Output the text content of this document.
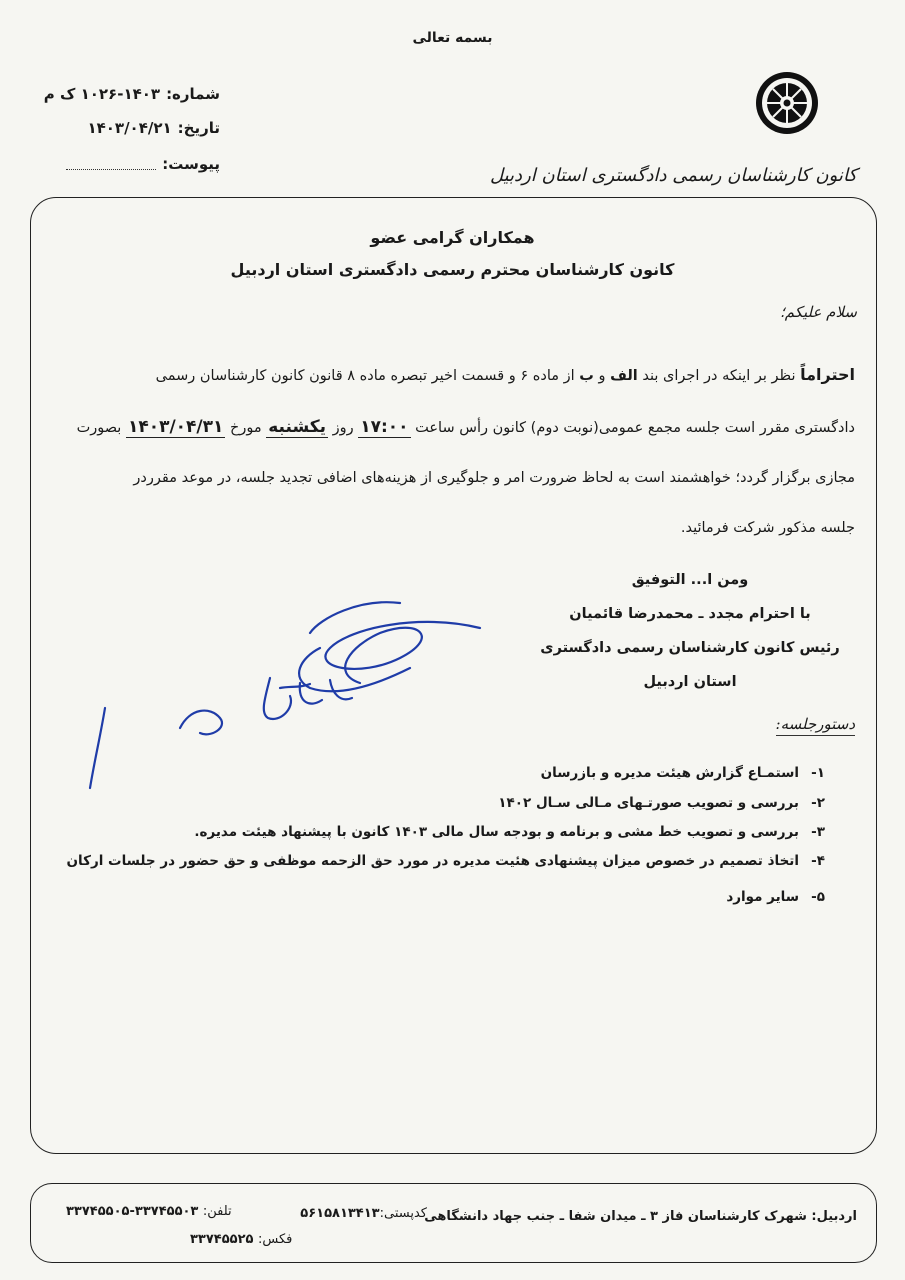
بسمه تعالی
شماره:۱۴۰۳-۱۰۲۶ ک م
تاریخ:۱۴۰۳/۰۴/۲۱
پیوست:
کانون کارشناسان رسمی دادگستری استان اردبیل
همکاران گرامی عضو
کانون کارشناسان محترم رسمی دادگستری استان اردبیل
سلام علیکم؛
احتراماً نظر بر اینکه در اجرای بند الف و ب از ماده ۶ و قسمت اخیر تبصره ماده ۸ قانون کانون کارشناسان رسمی
دادگستری مقرر است جلسه مجمع عمومی(نوبت دوم) کانون رأس ساعت ۱۷:۰۰ روز یکشنبه مورخ ۱۴۰۳/۰۴/۳۱ بصورت
مجازی برگزار گردد؛ خواهشمند است به لحاظ ضرورت امر و جلوگیری از هزینه‌های اضافی تجدید جلسه، در موعد مقرردر
جلسه مذکور شرکت فرمائید.
ومن ا... التوفیق
با احترام مجدد ـ محمدرضا قائمیان
رئیس کانون کارشناسان رسمی دادگستری
استان اردبیل
دستورجلسه:
۱-استمـاع گزارش هیئت مدیره و بازرسان
۲-بررسی و تصویب صورتـهای مـالی سـال ۱۴۰۲
۳-بررسی و تصویب خط مشی و برنامه و بودجه سال مالی ۱۴۰۳ کانون با پیشنهاد هیئت مدیره.
۴-اتخاذ تصمیم در خصوص میزان پیشنهادی هئیت مدیره در مورد حق الزحمه موظفی و حق حضور در جلسات ارکان
۵-سایر موارد
اردبیل: شهرک کارشناسان فاز ۳ ـ میدان شفا ـ جنب جهاد دانشگاهی
کدپستی:۵۶۱۵۸۱۳۴۱۳
تلفن: ۳۳۷۴۵۵۰۳-۳۳۷۴۵۵۰۵
فکس: ۳۳۷۴۵۵۲۵
